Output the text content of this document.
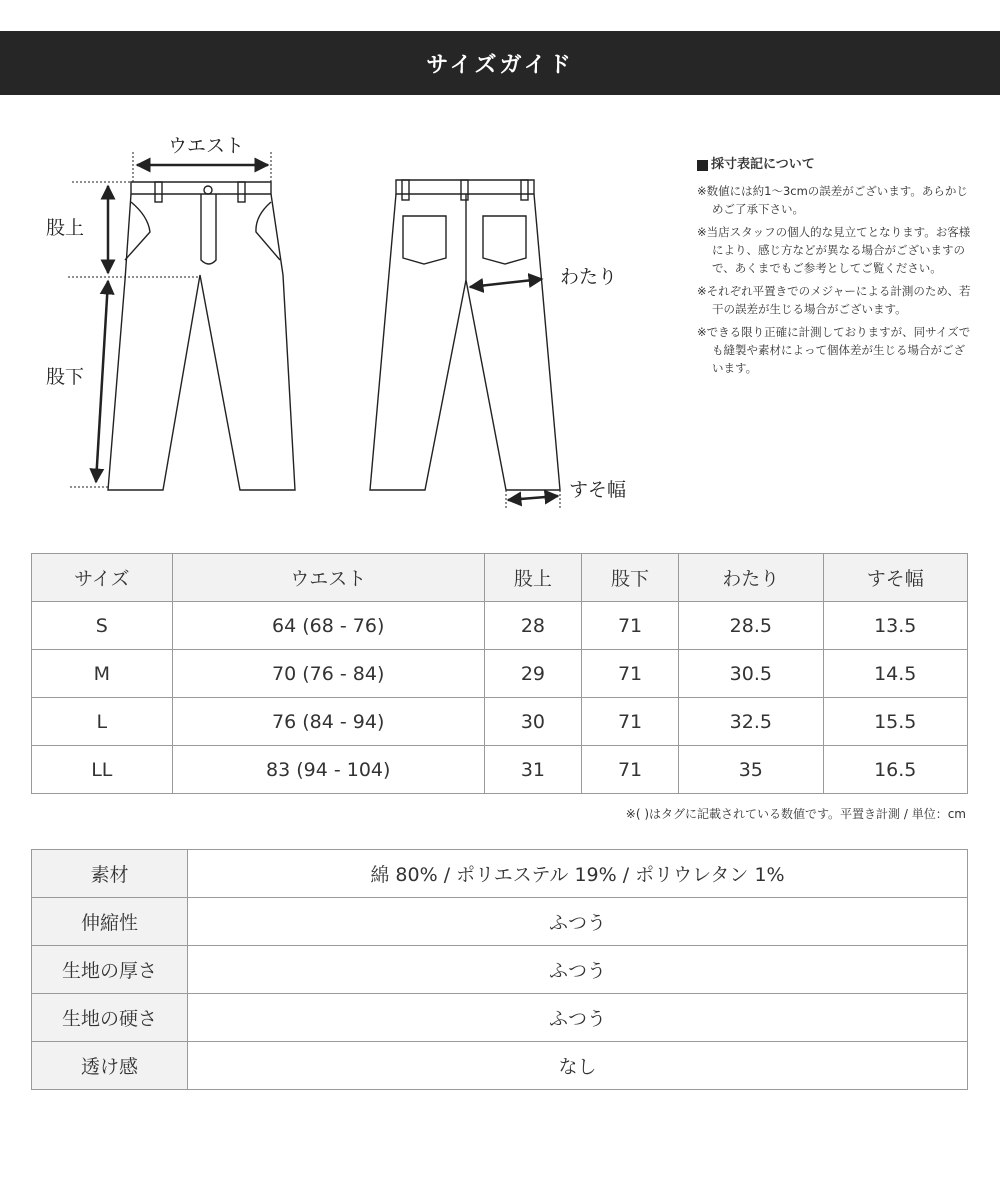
サイズガイド
ウエスト
股上
股下
わたり
すそ幅
採寸表記について
※数値には約1〜3cmの誤差がございます。あらかじめご了承下さい。
※当店スタッフの個人的な見立てとなります。お客様により、感じ方などが異なる場合がございますので、あくまでもご参考としてご覧ください。
※それぞれ平置きでのメジャーによる計測のため、若干の誤差が生じる場合がございます。
※できる限り正確に計測しておりますが、同サイズでも縫製や素材によって個体差が生じる場合がございます。
サイズ	ウエスト	股上	股下	わたり	すそ幅
S	64 (68 - 76)	28	71	28.5	13.5
M	70 (76 - 84)	29	71	30.5	14.5
L	76 (84 - 94)	30	71	32.5	15.5
LL	83 (94 - 104)	31	71	35	16.5
※( )はタグに記載されている数値です。平置き計測 / 単位：cm
素材	綿 80% / ポリエステル 19% / ポリウレタン 1%
伸縮性	ふつう
生地の厚さ	ふつう
生地の硬さ	ふつう
透け感	なし
